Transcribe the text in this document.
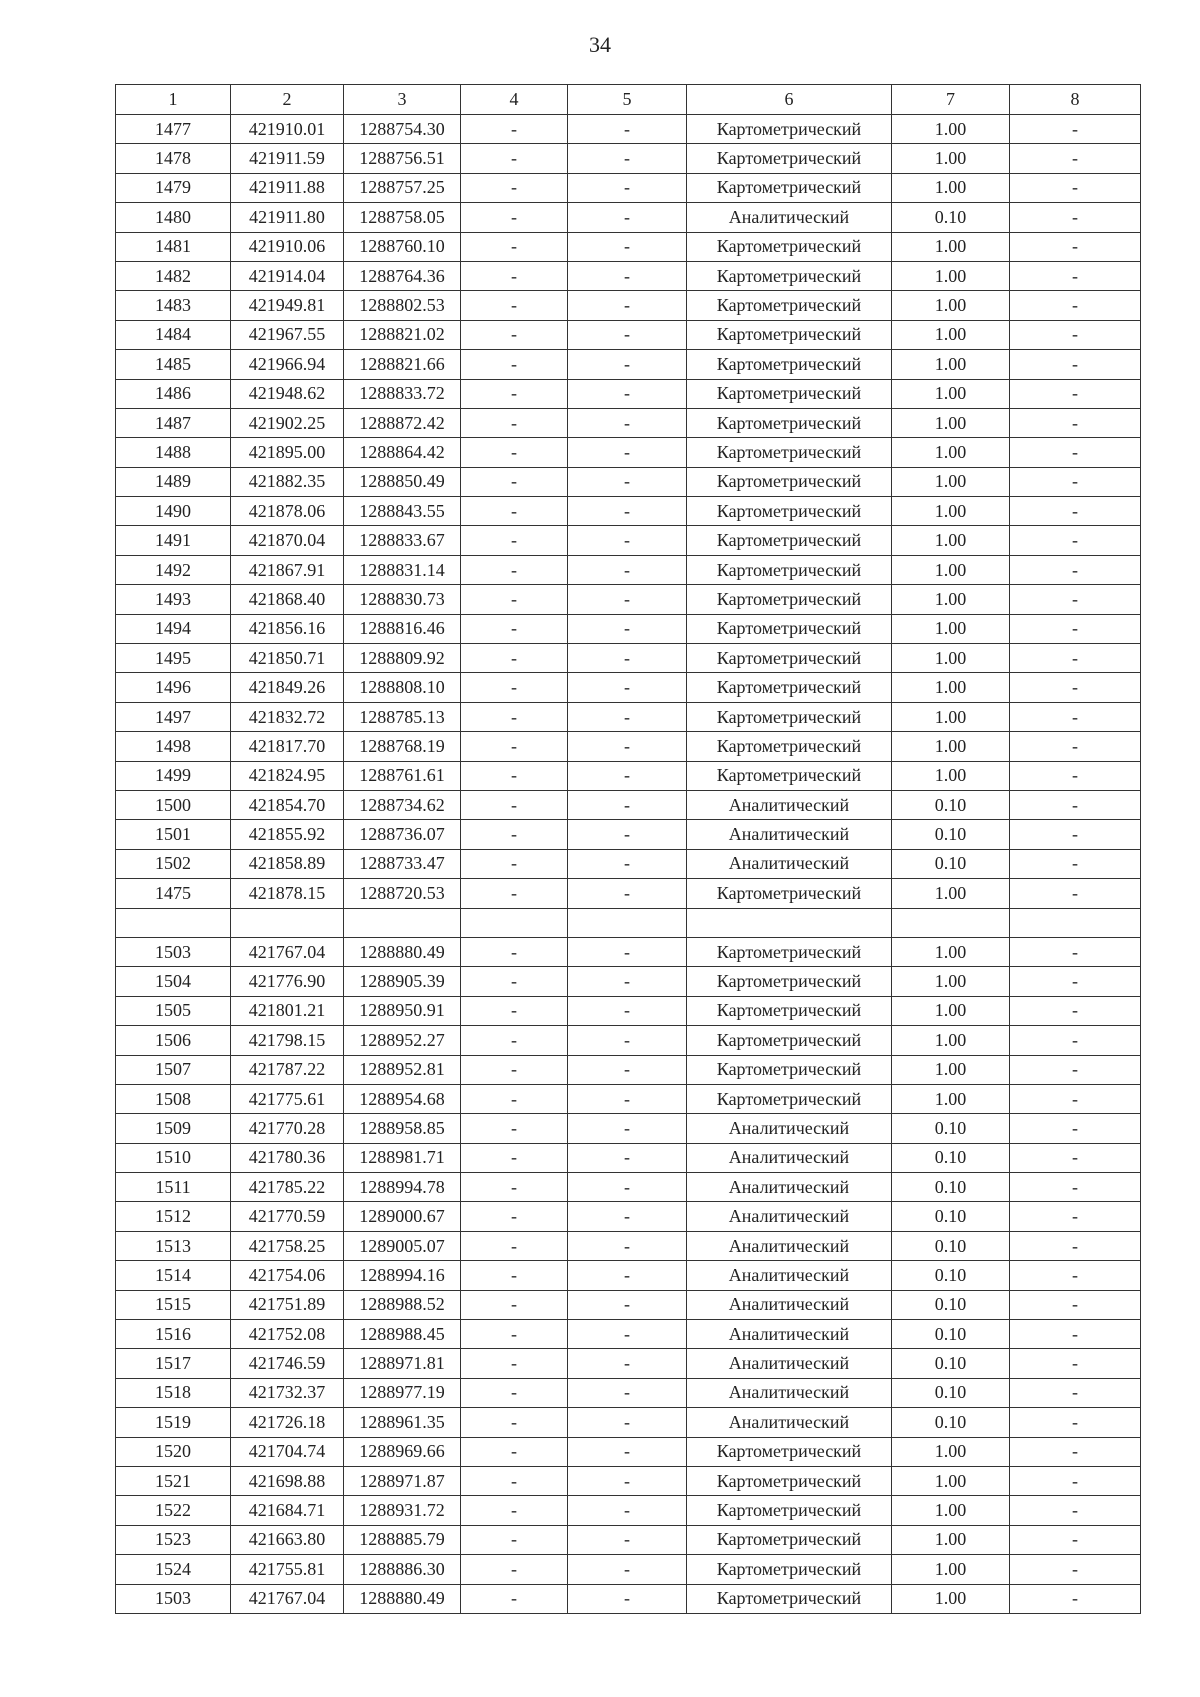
34
1	2	3	4	5	6	7	8
1477	421910.01	1288754.30	-	-	Картометрический	1.00	-
1478	421911.59	1288756.51	-	-	Картометрический	1.00	-
1479	421911.88	1288757.25	-	-	Картометрический	1.00	-
1480	421911.80	1288758.05	-	-	Аналитический	0.10	-
1481	421910.06	1288760.10	-	-	Картометрический	1.00	-
1482	421914.04	1288764.36	-	-	Картометрический	1.00	-
1483	421949.81	1288802.53	-	-	Картометрический	1.00	-
1484	421967.55	1288821.02	-	-	Картометрический	1.00	-
1485	421966.94	1288821.66	-	-	Картометрический	1.00	-
1486	421948.62	1288833.72	-	-	Картометрический	1.00	-
1487	421902.25	1288872.42	-	-	Картометрический	1.00	-
1488	421895.00	1288864.42	-	-	Картометрический	1.00	-
1489	421882.35	1288850.49	-	-	Картометрический	1.00	-
1490	421878.06	1288843.55	-	-	Картометрический	1.00	-
1491	421870.04	1288833.67	-	-	Картометрический	1.00	-
1492	421867.91	1288831.14	-	-	Картометрический	1.00	-
1493	421868.40	1288830.73	-	-	Картометрический	1.00	-
1494	421856.16	1288816.46	-	-	Картометрический	1.00	-
1495	421850.71	1288809.92	-	-	Картометрический	1.00	-
1496	421849.26	1288808.10	-	-	Картометрический	1.00	-
1497	421832.72	1288785.13	-	-	Картометрический	1.00	-
1498	421817.70	1288768.19	-	-	Картометрический	1.00	-
1499	421824.95	1288761.61	-	-	Картометрический	1.00	-
1500	421854.70	1288734.62	-	-	Аналитический	0.10	-
1501	421855.92	1288736.07	-	-	Аналитический	0.10	-
1502	421858.89	1288733.47	-	-	Аналитический	0.10	-
1475	421878.15	1288720.53	-	-	Картометрический	1.00	-

1503	421767.04	1288880.49	-	-	Картометрический	1.00	-
1504	421776.90	1288905.39	-	-	Картометрический	1.00	-
1505	421801.21	1288950.91	-	-	Картометрический	1.00	-
1506	421798.15	1288952.27	-	-	Картометрический	1.00	-
1507	421787.22	1288952.81	-	-	Картометрический	1.00	-
1508	421775.61	1288954.68	-	-	Картометрический	1.00	-
1509	421770.28	1288958.85	-	-	Аналитический	0.10	-
1510	421780.36	1288981.71	-	-	Аналитический	0.10	-
1511	421785.22	1288994.78	-	-	Аналитический	0.10	-
1512	421770.59	1289000.67	-	-	Аналитический	0.10	-
1513	421758.25	1289005.07	-	-	Аналитический	0.10	-
1514	421754.06	1288994.16	-	-	Аналитический	0.10	-
1515	421751.89	1288988.52	-	-	Аналитический	0.10	-
1516	421752.08	1288988.45	-	-	Аналитический	0.10	-
1517	421746.59	1288971.81	-	-	Аналитический	0.10	-
1518	421732.37	1288977.19	-	-	Аналитический	0.10	-
1519	421726.18	1288961.35	-	-	Аналитический	0.10	-
1520	421704.74	1288969.66	-	-	Картометрический	1.00	-
1521	421698.88	1288971.87	-	-	Картометрический	1.00	-
1522	421684.71	1288931.72	-	-	Картометрический	1.00	-
1523	421663.80	1288885.79	-	-	Картометрический	1.00	-
1524	421755.81	1288886.30	-	-	Картометрический	1.00	-
1503	421767.04	1288880.49	-	-	Картометрический	1.00	-
